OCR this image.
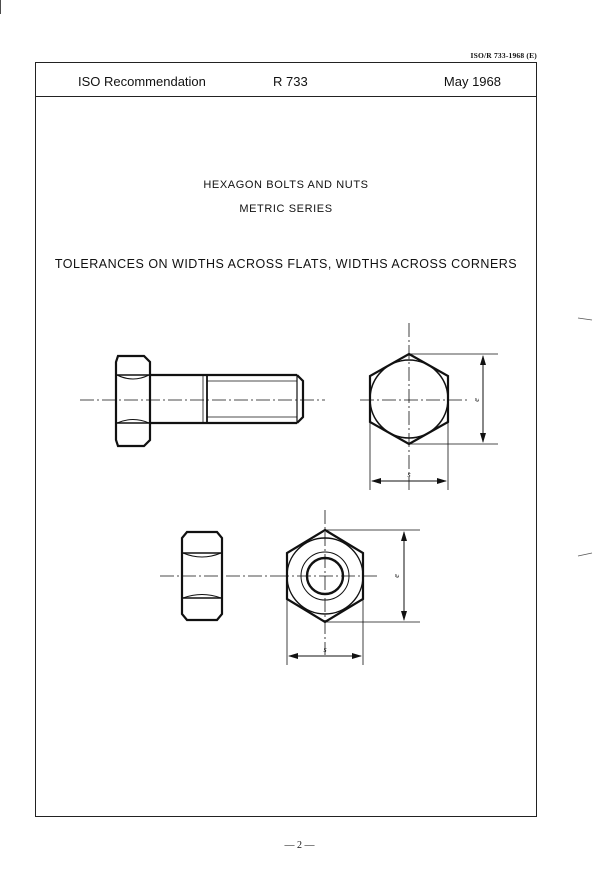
ISO/R 733-1968 (E)
ISO Recommendation	R 733	May 1968
HEXAGON BOLTS AND NUTS
METRIC SERIES
TOLERANCES ON WIDTHS ACROSS FLATS, WIDTHS ACROSS CORNERS
e
s
e
s
— 2 —
